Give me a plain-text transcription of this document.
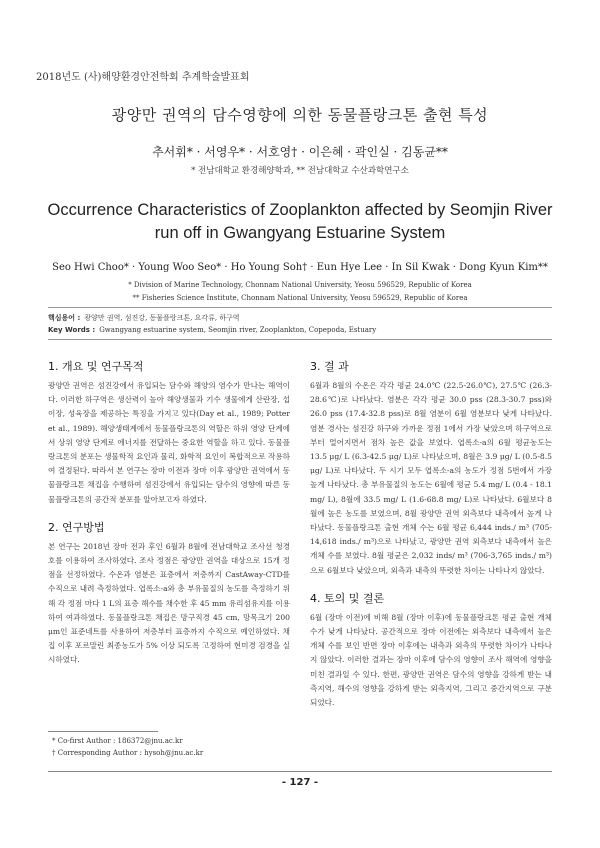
2018년도 (사)해양환경안전학회 추계학술발표회
광양만 권역의 담수영향에 의한 동물플랑크톤 출현 특성
추서휘* · 서영우* · 서호영† · 이은혜 · 곽인실 · 김동균**
* 전남대학교 환경해양학과, ** 전남대학교 수산과학연구소
Occurrence Characteristics of Zooplankton affected by Seomjin River run off in Gwangyang Estuarine System
Seo Hwi Choo* · Young Woo Seo* · Ho Young Soh† · Eun Hye Lee · In Sil Kwak · Dong Kyun Kim**
* Division of Marine Technology, Chonnam National University, Yeosu 596529, Republic of Korea
** Fisheries Science Institute, Chonnam National University, Yeosu 596529, Republic of Korea
핵심용어 : 광양만 권역, 섬진강, 동물플랑크톤, 요각류, 하구역
Key Words : Gwangyang estuarine system, Seomjin river, Zooplankton, Copepoda, Estuary
1. 개요 및 연구목적

광양만 권역은 섬진강에서 유입되는 담수와 해양의 염수가 만나는 해역이다. 이러한 하구역은 생산력이 높아 해양생물과 기수 생물에게 산란장, 섭이장, 성육장을 제공하는 특징을 가지고 있다(Day et al., 1989; Potter et al., 1989). 해양생태계에서 동물플랑크톤의 역할은 하위 영양 단계에서 상위 영양 단계로 에너지를 전달하는 중요한 역할을 하고 있다. 동물플랑크톤의 분포는 생물학적 요인과 물리, 화학적 요인이 복합적으로 작용하여 결정된다. 따라서 본 연구는 장마 이전과 장마 이후 광양만 권역에서 동물플랑크톤 채집을 수행하여 섬진강에서 유입되는 담수의 영향에 따른 동물플랑크톤의 공간적 분포를 알아보고자 하였다.

2. 연구방법

본 연구는 2018년 장마 전과 후인 6월과 8월에 전남대학교 조사선 청경호를 이용하여 조사하였다. 조사 정점은 광양만 권역을 대상으로 15개 정점을 선정하였다. 수온과 염분은 표층에서 저층까지 CastAway-CTD를 수직으로 내려 측정하였다. 엽록소-a와 총 부유물질의 농도를 측정하기 위해 각 정점 마다 1 L의 표층 해수를 채수한 후 45 mm 유리섬유지를 이용하여 여과하였다. 동물플랑크톤 채집은 망구직경 45 cm, 망목크기 200 μm인 표준네트를 사용하여 저층부터 표층까지 수직으로 예인하였다. 채집 이후 포르말린 최종농도가 5% 이상 되도록 고정하여 현미경 검경을 실시하였다.

3. 결 과

6월과 8월의 수온은 각각 평균 24.0℃ (22.5-26.0℃), 27.5℃ (26.3-28.6℃)로 나타났다. 염분은 각각 평균 30.0 pss (28.3-30.7 pss)와 26.0 pss (17.4-32.8 pss)로 8월 염분이 6월 염분보다 낮게 나타났다. 염분 경사는 섬진강 하구와 가까운 정점 1에서 가장 낮았으며 하구역으로부터 멀어지면서 점차 높은 값을 보였다. 엽록소-a의 6월 평균농도는 13.5 μg/ L (6.3-42.5 μg/ L)로 나타났으며, 8월은 3.9 μg/ L (0.5-8.5 μg/ L)로 나타났다. 두 시기 모두 엽록소-a의 농도가 정점 5번에서 가장 높게 나타났다. 총 부유물질의 농도는 6월에 평균 5.4 mg/ L (0.4 - 18.1 mg/ L), 8월에 33.5 mg/ L (1.6-68.8 mg/ L)로 나타났다. 6월보다 8월에 높은 농도를 보였으며, 8월 광양만 권역 외측보다 내측에서 높게 나타났다. 동물플랑크톤 출현 개체 수는 6월 평균 6,444 inds./ m³ (705-14,618 inds./ m³)으로 나타났고, 광양만 권역 외측보다 내측에서 높은 개체 수를 보였다. 8월 평균은 2,032 inds/ m³ (706-3,765 inds./ m³)으로 6월보다 낮았으며, 외측과 내측의 뚜렷한 차이는 나타나지 않았다.

4. 토의 및 결론

6월 (장마 이전)에 비해 8월 (장마 이후)에 동물플랑크톤 평균 출현 개체 수가 낮게 나타났다. 공간적으로 장마 이전에는 외측보다 내측에서 높은 개체 수를 보인 반면 장마 이후에는 내측과 외측의 뚜렷한 차이가 나타나지 않았다. 이러한 결과는 장마 이후에 담수의 영향이 조사 해역에 영향을 미친 결과일 수 있다. 한편, 광양만 권역은 담수의 영향을 강하게 받는 내측지역, 해수의 영향을 강하게 받는 외측지역, 그리고 중간지역으로 구분되었다.

* Co-first Author : 186372@jnu.ac.kr
† Corresponding Author : hysoh@jnu.ac.kr
- 127 -
